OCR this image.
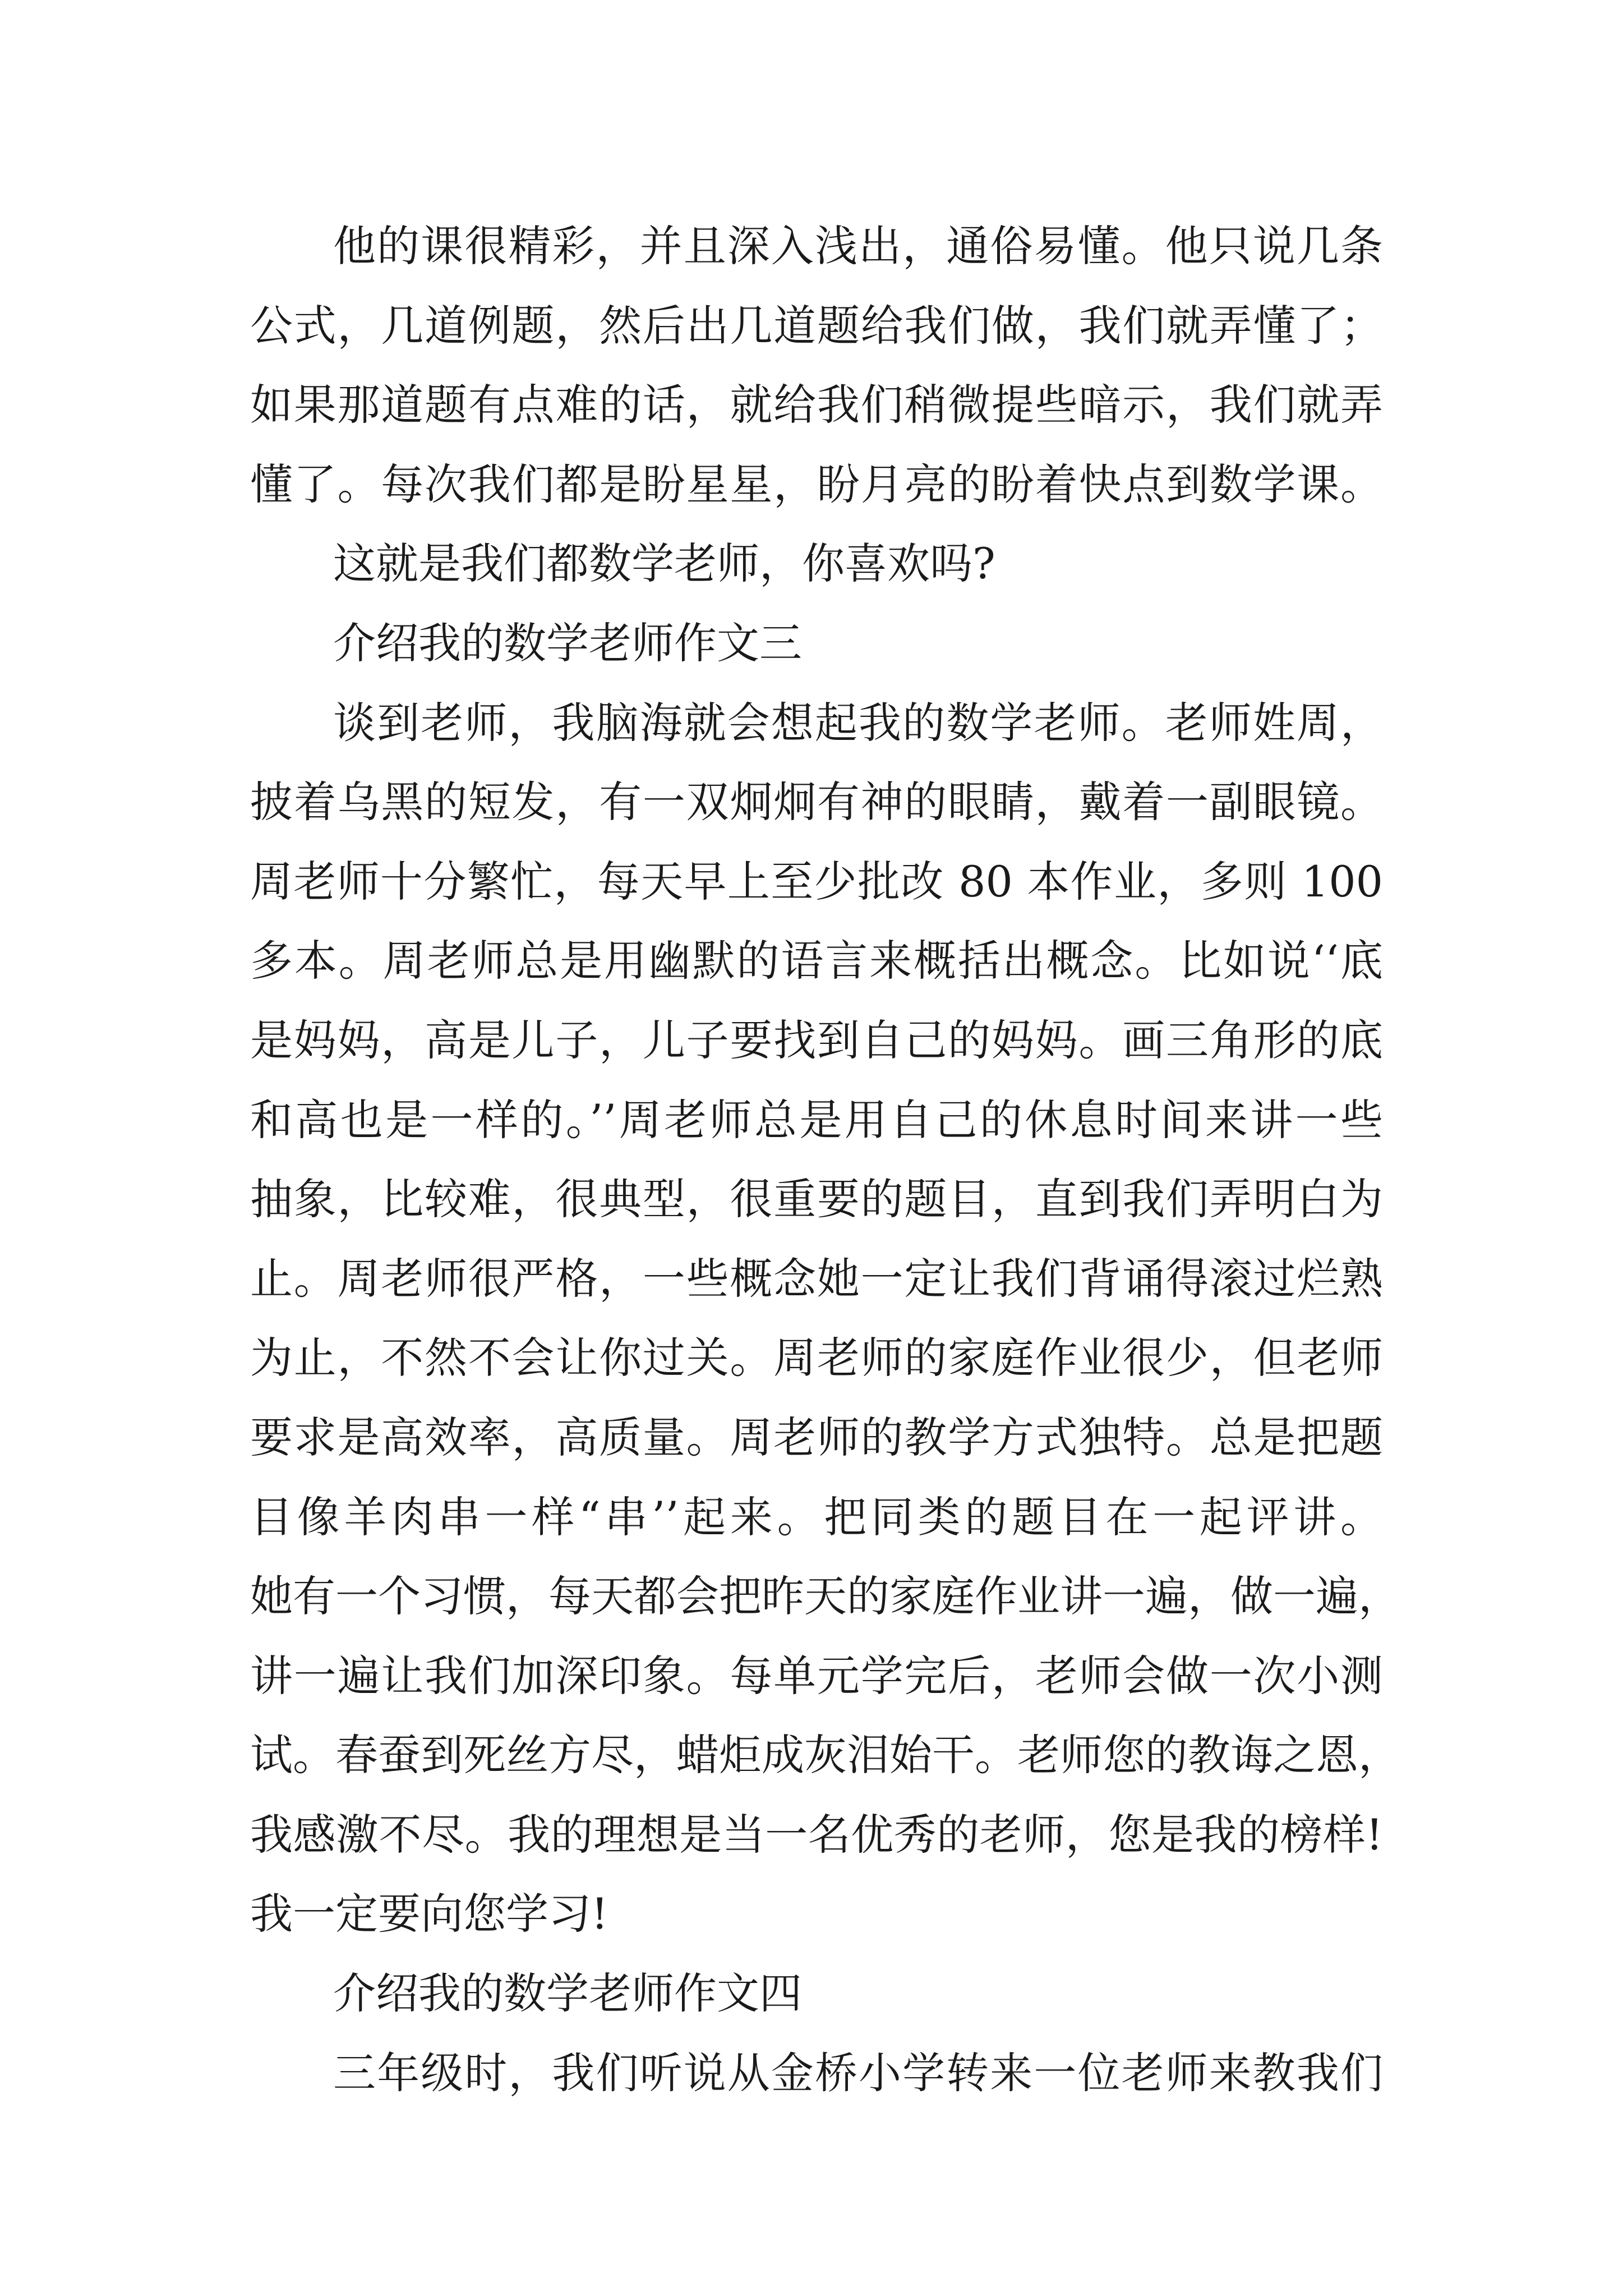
他的课很精彩，并且深入浅出，通俗易懂。他只说几条
公式，几道例题，然后出几道题给我们做，我们就弄懂了；
如果那道题有点难的话，就给我们稍微提些暗示，我们就弄
懂了。每次我们都是盼星星，盼月亮的盼着快点到数学课。
这就是我们都数学老师，你喜欢吗?
介绍我的数学老师作文三
谈到老师，我脑海就会想起我的数学老师。老师姓周，
披着乌黑的短发，有一双炯炯有神的眼睛，戴着一副眼镜。
周老师十分繁忙，每天早上至少批改 80 本作业，多则 100
多本。周老师总是用幽默的语言来概括出概念。比如说‘‘底
是妈妈，高是儿子，儿子要找到自己的妈妈。画三角形的底
和高也是一样的。’’周老师总是用自己的休息时间来讲一些
抽象，比较难，很典型，很重要的题目，直到我们弄明白为
止。周老师很严格，一些概念她一定让我们背诵得滚过烂熟
为止，不然不会让你过关。周老师的家庭作业很少，但老师
要求是高效率，高质量。周老师的教学方式独特。总是把题
目像羊肉串一样“串’’起来。把同类的题目在一起评讲。
她有一个习惯，每天都会把昨天的家庭作业讲一遍，做一遍，
讲一遍让我们加深印象。每单元学完后，老师会做一次小测
试。春蚕到死丝方尽，蜡炬成灰泪始干。老师您的教诲之恩，
我感激不尽。我的理想是当一名优秀的老师，您是我的榜样!
我一定要向您学习!
介绍我的数学老师作文四
三年级时，我们听说从金桥小学转来一位老师来教我们
